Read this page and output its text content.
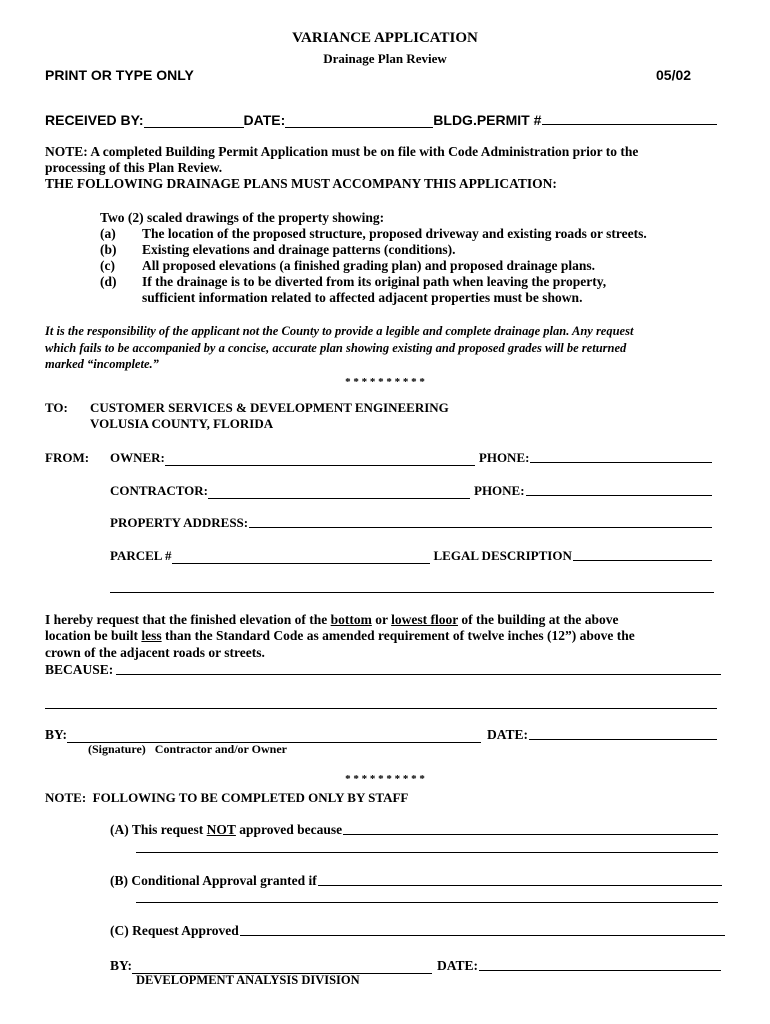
VARIANCE APPLICATION
Drainage Plan Review
PRINT OR TYPE ONLY	05/02
RECEIVED BY:	DATE:	BLDG.PERMIT #
NOTE: A completed Building Permit Application must be on file with Code Administration prior to the
processing of this Plan Review.
THE FOLLOWING DRAINAGE PLANS MUST ACCOMPANY THIS APPLICATION:
Two (2) scaled drawings of the property showing:
(a) The location of the proposed structure, proposed driveway and existing roads or streets.
(b) Existing elevations and drainage patterns (conditions).
(c) All proposed elevations (a finished grading plan) and proposed drainage plans.
(d) If the drainage is to be diverted from its original path when leaving the property,
sufficient information related to affected adjacent properties must be shown.
It is the responsibility of the applicant not the County to provide a legible and complete drainage plan. Any request
which fails to be accompanied by a concise, accurate plan showing existing and proposed grades will be returned
marked “incomplete.”
* * * * * * * * * *
TO: CUSTOMER SERVICES & DEVELOPMENT ENGINEERING
VOLUSIA COUNTY, FLORIDA
FROM: OWNER:	PHONE:
CONTRACTOR:	PHONE:
PROPERTY ADDRESS:
PARCEL #	LEGAL DESCRIPTION
I hereby request that the finished elevation of the bottom or lowest floor of the building at the above
location be built less than the Standard Code as amended requirement of twelve inches (12”) above the
crown of the adjacent roads or streets.
BECAUSE:
BY:	DATE:
(Signature)   Contractor and/or Owner
* * * * * * * * * *
NOTE:  FOLLOWING TO BE COMPLETED ONLY BY STAFF
(A) This request NOT approved because
(B) Conditional Approval granted if
(C) Request Approved
BY:	DATE:
DEVELOPMENT ANALYSIS DIVISION
